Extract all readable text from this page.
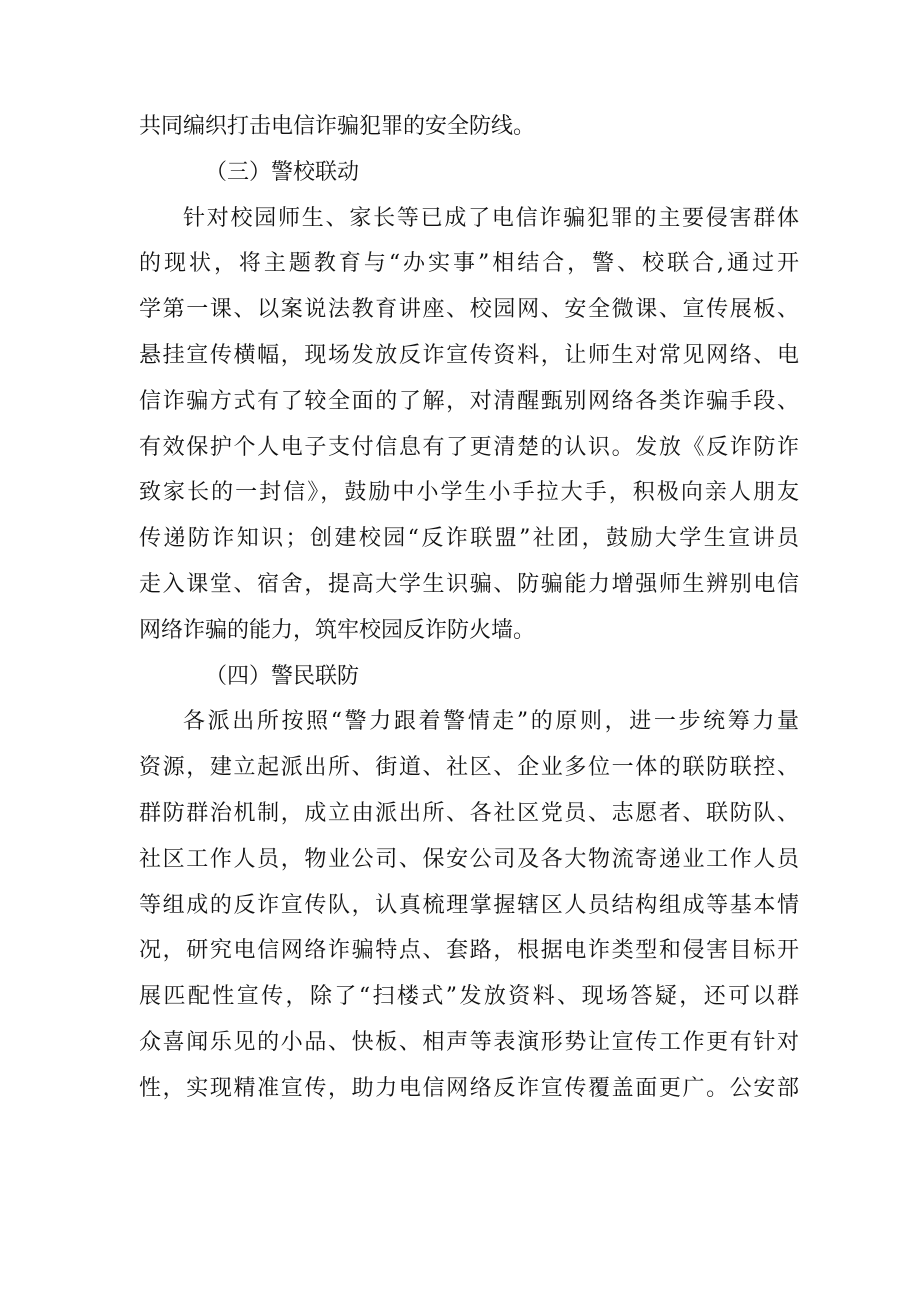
共同编织打击电信诈骗犯罪的安全防线。
（三）警校联动
针对校园师生、家长等已成了电信诈骗犯罪的主要侵害群体
的现状，将主题教育与“办实事”相结合，警、校联合,通过开
学第一课、以案说法教育讲座、校园网、安全微课、宣传展板、
悬挂宣传横幅，现场发放反诈宣传资料，让师生对常见网络、电
信诈骗方式有了较全面的了解，对清醒甄别网络各类诈骗手段、
有效保护个人电子支付信息有了更清楚的认识。发放《反诈防诈
致家长的一封信》，鼓励中小学生小手拉大手，积极向亲人朋友
传递防诈知识；创建校园“反诈联盟”社团，鼓励大学生宣讲员
走入课堂、宿舍，提高大学生识骗、防骗能力增强师生辨别电信
网络诈骗的能力，筑牢校园反诈防火墙。
（四）警民联防
各派出所按照“警力跟着警情走”的原则，进一步统筹力量
资源，建立起派出所、街道、社区、企业多位一体的联防联控、
群防群治机制，成立由派出所、各社区党员、志愿者、联防队、
社区工作人员，物业公司、保安公司及各大物流寄递业工作人员
等组成的反诈宣传队，认真梳理掌握辖区人员结构组成等基本情
况，研究电信网络诈骗特点、套路，根据电诈类型和侵害目标开
展匹配性宣传，除了“扫楼式”发放资料、现场答疑，还可以群
众喜闻乐见的小品、快板、相声等表演形势让宣传工作更有针对
性，实现精准宣传，助力电信网络反诈宣传覆盖面更广。公安部
